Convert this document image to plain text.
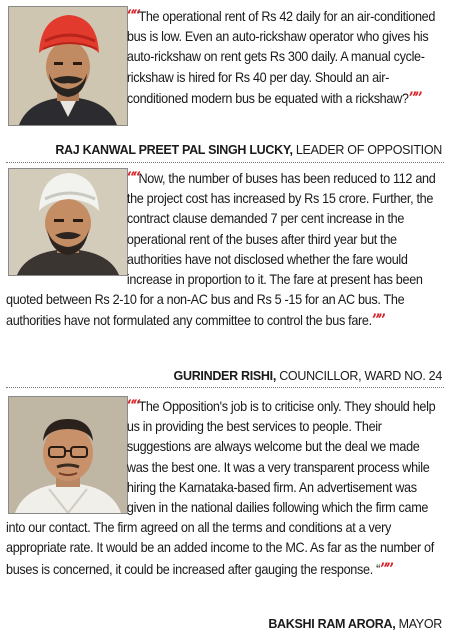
““The operational rent of Rs 42 daily for an air-conditioned bus is low. Even an auto-rickshaw operator who gives his auto-rickshaw on rent gets Rs 300 daily. A manual cycle-rickshaw is hired for Rs 40 per day. Should an air-conditioned modern bus be equated with a rickshaw?””
RAJ KANWAL PREET PAL SINGH LUCKY, LEADER OF OPPOSITION
““Now, the number of buses has been reduced to 112 and the project cost has increased by Rs 15 crore. Further, the contract clause demanded 7 per cent increase in the operational rent of the buses after third year but the authorities have not disclosed whether the fare would increase in proportion to it. The fare at present has been quoted between Rs 2-10 for a non-AC bus and Rs 5 -15 for an AC bus. The authorities have not formulated any committee to control the bus fare.””
GURINDER RISHI, COUNCILLOR, WARD NO. 24
““The Opposition's job is to criticise only. They should help us in providing the best services to people. Their suggestions are always welcome but the deal we made was the best one. It was a very transparent process while hiring the Karnataka-based firm. An advertisement was given in the national dailies following which the firm came into our contact. The firm agreed on all the terms and conditions at a very appropriate rate. It would be an added income to the MC. As far as the number of buses is concerned, it could be increased after gauging the response. “””
BAKSHI RAM ARORA, MAYOR
